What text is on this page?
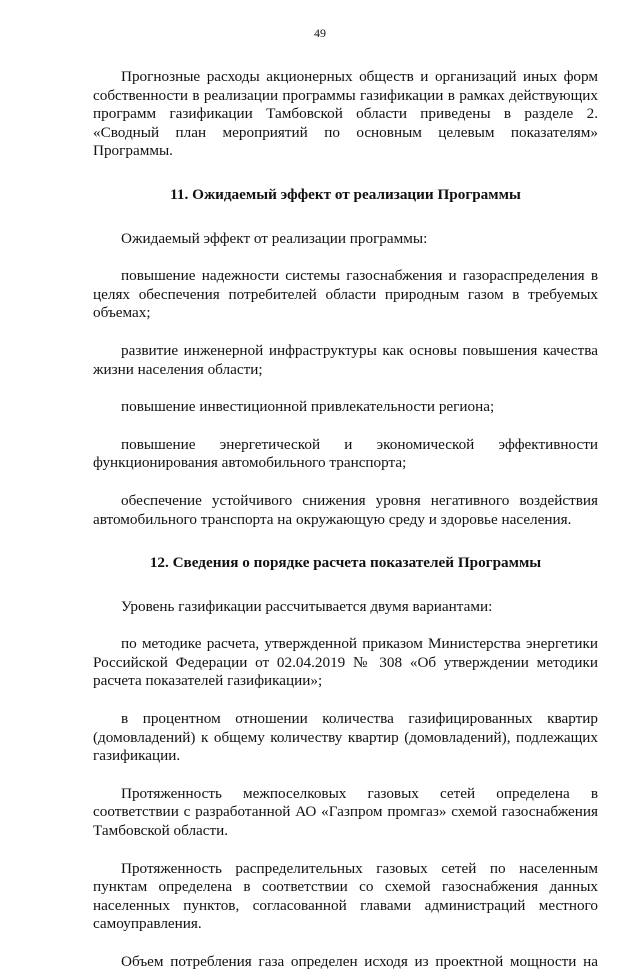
49

Прогнозные расходы акционерных обществ и организаций иных форм собственности в реализации программы газификации в рамках действующих программ газификации Тамбовской области приведены в разделе 2. «Сводный план мероприятий по основным целевым показателям» Программы.

11. Ожидаемый эффект от реализации Программы

Ожидаемый эффект от реализации программы:

повышение надежности системы газоснабжения и газораспределения в целях обеспечения потребителей области природным газом в требуемых объемах;

развитие инженерной инфраструктуры как основы повышения качества жизни населения области;

повышение инвестиционной привлекательности региона;

повышение энергетической и экономической эффективности функционирования автомобильного транспорта;

обеспечение устойчивого снижения уровня негативного воздействия автомобильного транспорта на окружающую среду и здоровье населения.

12. Сведения о порядке расчета показателей Программы

Уровень газификации рассчитывается двумя вариантами:

по методике расчета, утвержденной приказом Министерства энергетики Российской Федерации от 02.04.2019 № 308 «Об утверждении методики расчета показателей газификации»;

в процентном отношении количества газифицированных квартир (домовладений) к общему количеству квартир (домовладений), подлежащих газификации.

Протяженность межпоселковых газовых сетей определена в соответствии с разработанной АО «Газпром промгаз» схемой газоснабжения Тамбовской области.

Протяженность распределительных газовых сетей по населенным пунктам определена в соответствии со схемой газоснабжения данных населенных пунктов, согласованной главами администраций местного самоуправления.

Объем потребления газа определен исходя из проектной мощности на
